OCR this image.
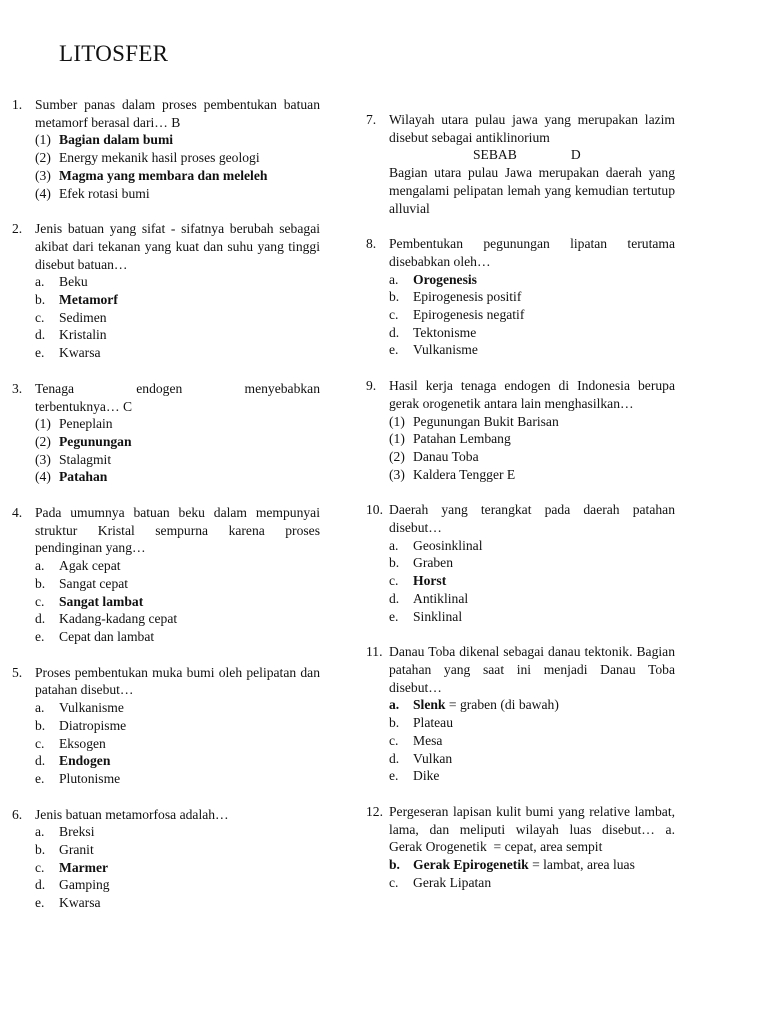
LITOSFER
1. Sumber panas dalam proses pembentukan batuan metamorf berasal dari… B
(1) Bagian dalam bumi
(2) Energy mekanik hasil proses geologi
(3) Magma yang membara dan meleleh
(4) Efek rotasi bumi
2. Jenis batuan yang sifat - sifatnya berubah sebagai akibat dari tekanan yang kuat dan suhu yang tinggi disebut batuan…
a.	Beku
b.	Metamorf
c.	Sedimen
d.	Kristalin
e.	Kwarsa
3. Tenaga	endogen	menyebabkan
terbentuknya… C
(1) Peneplain
(2) Pegunungan
(3) Stalagmit
(4) Patahan
4. Pada umumnya batuan beku dalam mempunyai struktur Kristal sempurna karena proses pendinginan yang…
a.	Agak cepat
b.	Sangat cepat
c.	Sangat lambat
d.	Kadang-kadang cepat
e.	Cepat dan lambat
5. Proses pembentukan muka bumi oleh pelipatan dan patahan disebut…
a.	Vulkanisme
b.	Diatropisme
c.	Eksogen
d.	Endogen
e.	Plutonisme
6. Jenis batuan metamorfosa adalah…
a.	Breksi
b.	Granit
c.	Marmer
d.	Gamping
e.	Kwarsa
7. Wilayah utara pulau jawa yang merupakan lazim disebut sebagai antiklinorium
SEBAB	D
Bagian utara pulau Jawa merupakan daerah yang mengalami pelipatan lemah yang kemudian tertutup alluvial
8. Pembentukan pegunungan lipatan terutama disebabkan oleh…
a.	Orogenesis
b.	Epirogenesis positif
c.	Epirogenesis negatif
d.	Tektonisme
e.	Vulkanisme
9. Hasil kerja tenaga endogen di Indonesia berupa gerak orogenetik antara lain menghasilkan…
(1) Pegunungan Bukit Barisan
(1) Patahan Lembang
(2) Danau Toba
(3) Kaldera Tengger E
10. Daerah yang terangkat pada daerah patahan disebut…
a.	Geosinklinal
b.	Graben
c.	Horst
d.	Antiklinal
e.	Sinklinal
11. Danau Toba dikenal sebagai danau tektonik. Bagian patahan yang saat ini menjadi Danau Toba disebut…
a.	Slenk = graben (di bawah)
b.	Plateau
c.	Mesa
d.	Vulkan
e.	Dike
12. Pergeseran lapisan kulit bumi yang relative lambat, lama, dan meliputi wilayah luas disebut… a.          Gerak Orogenetik  = cepat, area sempit
b. Gerak Epirogenetik = lambat, area luas
c.	Gerak Lipatan
